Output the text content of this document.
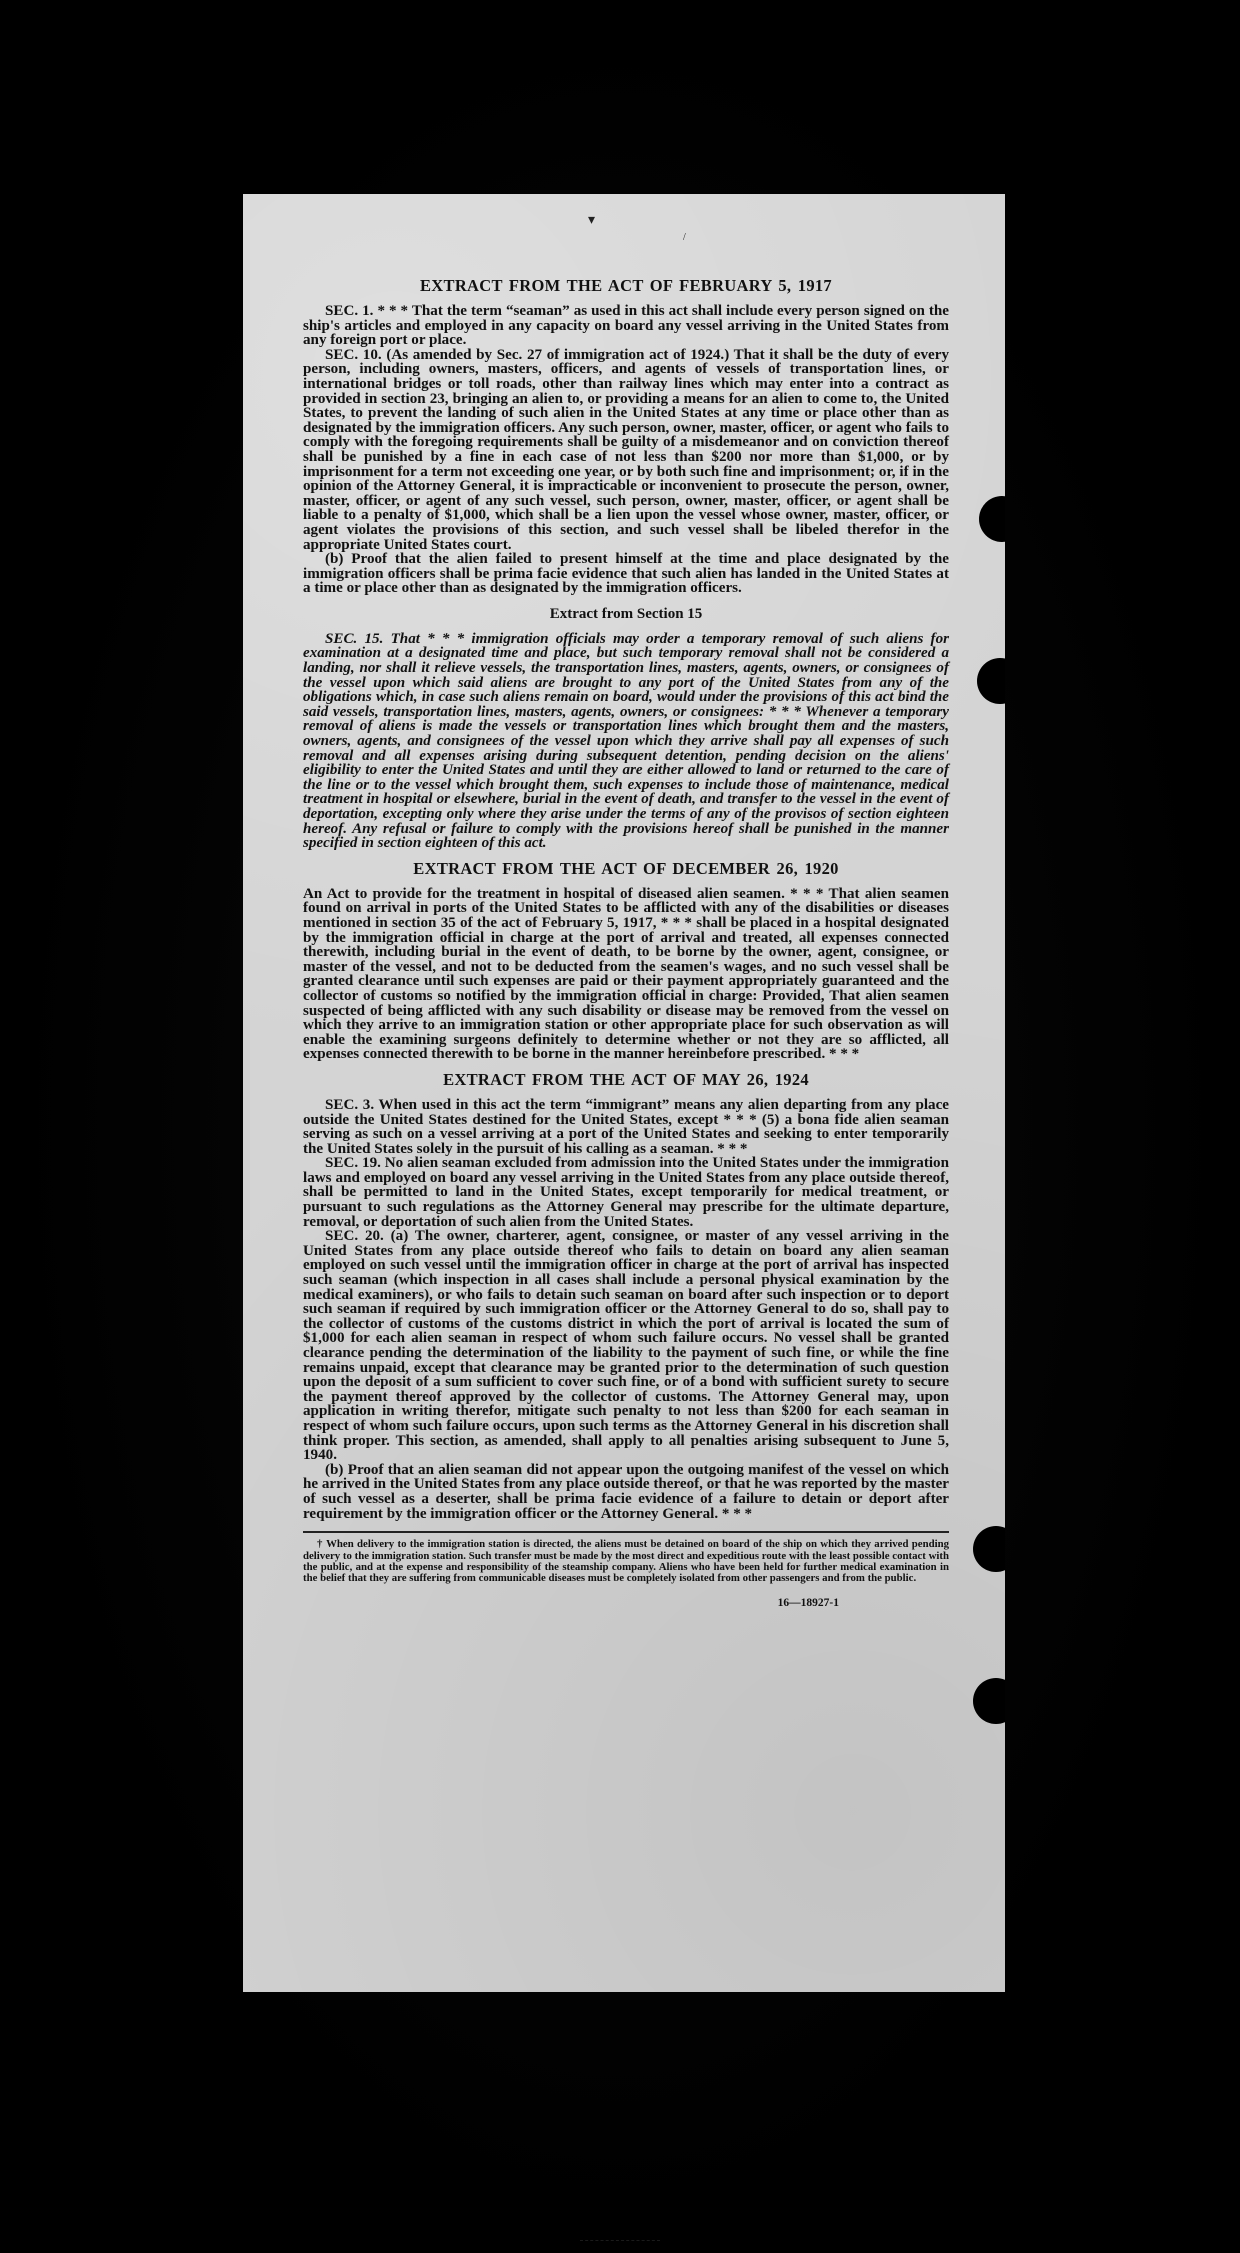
▾
/
EXTRACT FROM THE ACT OF FEBRUARY 5, 1917

SEC. 1. * * * That the term “seaman” as used in this act shall include every person signed on the ship's articles and employed in any capacity on board any vessel arriving in the United States from any foreign port or place.

SEC. 10. (As amended by Sec. 27 of immigration act of 1924.) That it shall be the duty of every person, including owners, masters, officers, and agents of vessels of transportation lines, or international bridges or toll roads, other than railway lines which may enter into a contract as provided in section 23, bringing an alien to, or providing a means for an alien to come to, the United States, to prevent the landing of such alien in the United States at any time or place other than as designated by the immigration officers. Any such person, owner, master, officer, or agent who fails to comply with the foregoing requirements shall be guilty of a misdemeanor and on conviction thereof shall be punished by a fine in each case of not less than $200 nor more than $1,000, or by imprisonment for a term not exceeding one year, or by both such fine and imprisonment; or, if in the opinion of the Attorney General, it is impracticable or inconvenient to prosecute the person, owner, master, officer, or agent of any such vessel, such person, owner, master, officer, or agent shall be liable to a penalty of $1,000, which shall be a lien upon the vessel whose owner, master, officer, or agent violates the provisions of this section, and such vessel shall be libeled therefor in the appropriate United States court.

(b) Proof that the alien failed to present himself at the time and place designated by the immigration officers shall be prima facie evidence that such alien has landed in the United States at a time or place other than as designated by the immigration officers.

Extract from Section 15

SEC. 15. That * * * immigration officials may order a temporary removal of such aliens for examination at a designated time and place, but such temporary removal shall not be considered a landing, nor shall it relieve vessels, the transportation lines, masters, agents, owners, or consignees of the vessel upon which said aliens are brought to any port of the United States from any of the obligations which, in case such aliens remain on board, would under the provisions of this act bind the said vessels, transportation lines, masters, agents, owners, or consignees: * * * Whenever a temporary removal of aliens is made the vessels or transportation lines which brought them and the masters, owners, agents, and consignees of the vessel upon which they arrive shall pay all expenses of such removal and all expenses arising during subsequent detention, pending decision on the aliens' eligibility to enter the United States and until they are either allowed to land or returned to the care of the line or to the vessel which brought them, such expenses to include those of maintenance, medical treatment in hospital or elsewhere, burial in the event of death, and transfer to the vessel in the event of deportation, excepting only where they arise under the terms of any of the provisos of section eighteen hereof. Any refusal or failure to comply with the provisions hereof shall be punished in the manner specified in section eighteen of this act.

EXTRACT FROM THE ACT OF DECEMBER 26, 1920

An Act to provide for the treatment in hospital of diseased alien seamen. * * * That alien seamen found on arrival in ports of the United States to be afflicted with any of the disabilities or diseases mentioned in section 35 of the act of February 5, 1917, * * * shall be placed in a hospital designated by the immigration official in charge at the port of arrival and treated, all expenses connected therewith, including burial in the event of death, to be borne by the owner, agent, consignee, or master of the vessel, and not to be deducted from the seamen's wages, and no such vessel shall be granted clearance until such expenses are paid or their payment appropriately guaranteed and the collector of customs so notified by the immigration official in charge: Provided, That alien seamen suspected of being afflicted with any such disability or disease may be removed from the vessel on which they arrive to an immigration station or other appropriate place for such observation as will enable the examining surgeons definitely to determine whether or not they are so afflicted, all expenses connected therewith to be borne in the manner hereinbefore prescribed. * * *

EXTRACT FROM THE ACT OF MAY 26, 1924

SEC. 3. When used in this act the term “immigrant” means any alien departing from any place outside the United States destined for the United States, except * * * (5) a bona fide alien seaman serving as such on a vessel arriving at a port of the United States and seeking to enter temporarily the United States solely in the pursuit of his calling as a seaman. * * *

SEC. 19. No alien seaman excluded from admission into the United States under the immigration laws and employed on board any vessel arriving in the United States from any place outside thereof, shall be permitted to land in the United States, except temporarily for medical treatment, or pursuant to such regulations as the Attorney General may prescribe for the ultimate departure, removal, or deportation of such alien from the United States.

SEC. 20. (a) The owner, charterer, agent, consignee, or master of any vessel arriving in the United States from any place outside thereof who fails to detain on board any alien seaman employed on such vessel until the immigration officer in charge at the port of arrival has inspected such seaman (which inspection in all cases shall include a personal physical examination by the medical examiners), or who fails to detain such seaman on board after such inspection or to deport such seaman if required by such immigration officer or the Attorney General to do so, shall pay to the collector of customs of the customs district in which the port of arrival is located the sum of $1,000 for each alien seaman in respect of whom such failure occurs. No vessel shall be granted clearance pending the determination of the liability to the payment of such fine, or while the fine remains unpaid, except that clearance may be granted prior to the determination of such question upon the deposit of a sum sufficient to cover such fine, or of a bond with sufficient surety to secure the payment thereof approved by the collector of customs. The Attorney General may, upon application in writing therefor, mitigate such penalty to not less than $200 for each seaman in respect of whom such failure occurs, upon such terms as the Attorney General in his discretion shall think proper. This section, as amended, shall apply to all penalties arising subsequent to June 5, 1940.

(b) Proof that an alien seaman did not appear upon the outgoing manifest of the vessel on which he arrived in the United States from any place outside thereof, or that he was reported by the master of such vessel as a deserter, shall be prima facie evidence of a failure to detain or deport after requirement by the immigration officer or the Attorney General. * * *

† When delivery to the immigration station is directed, the aliens must be detained on board of the ship on which they arrived pending delivery to the immigration station. Such transfer must be made by the most direct and expeditious route with the least possible contact with the public, and at the expense and responsibility of the steamship company. Aliens who have been held for further medical examination in the belief that they are suffering from communicable diseases must be completely isolated from other passengers and from the public.

16—18927-1
